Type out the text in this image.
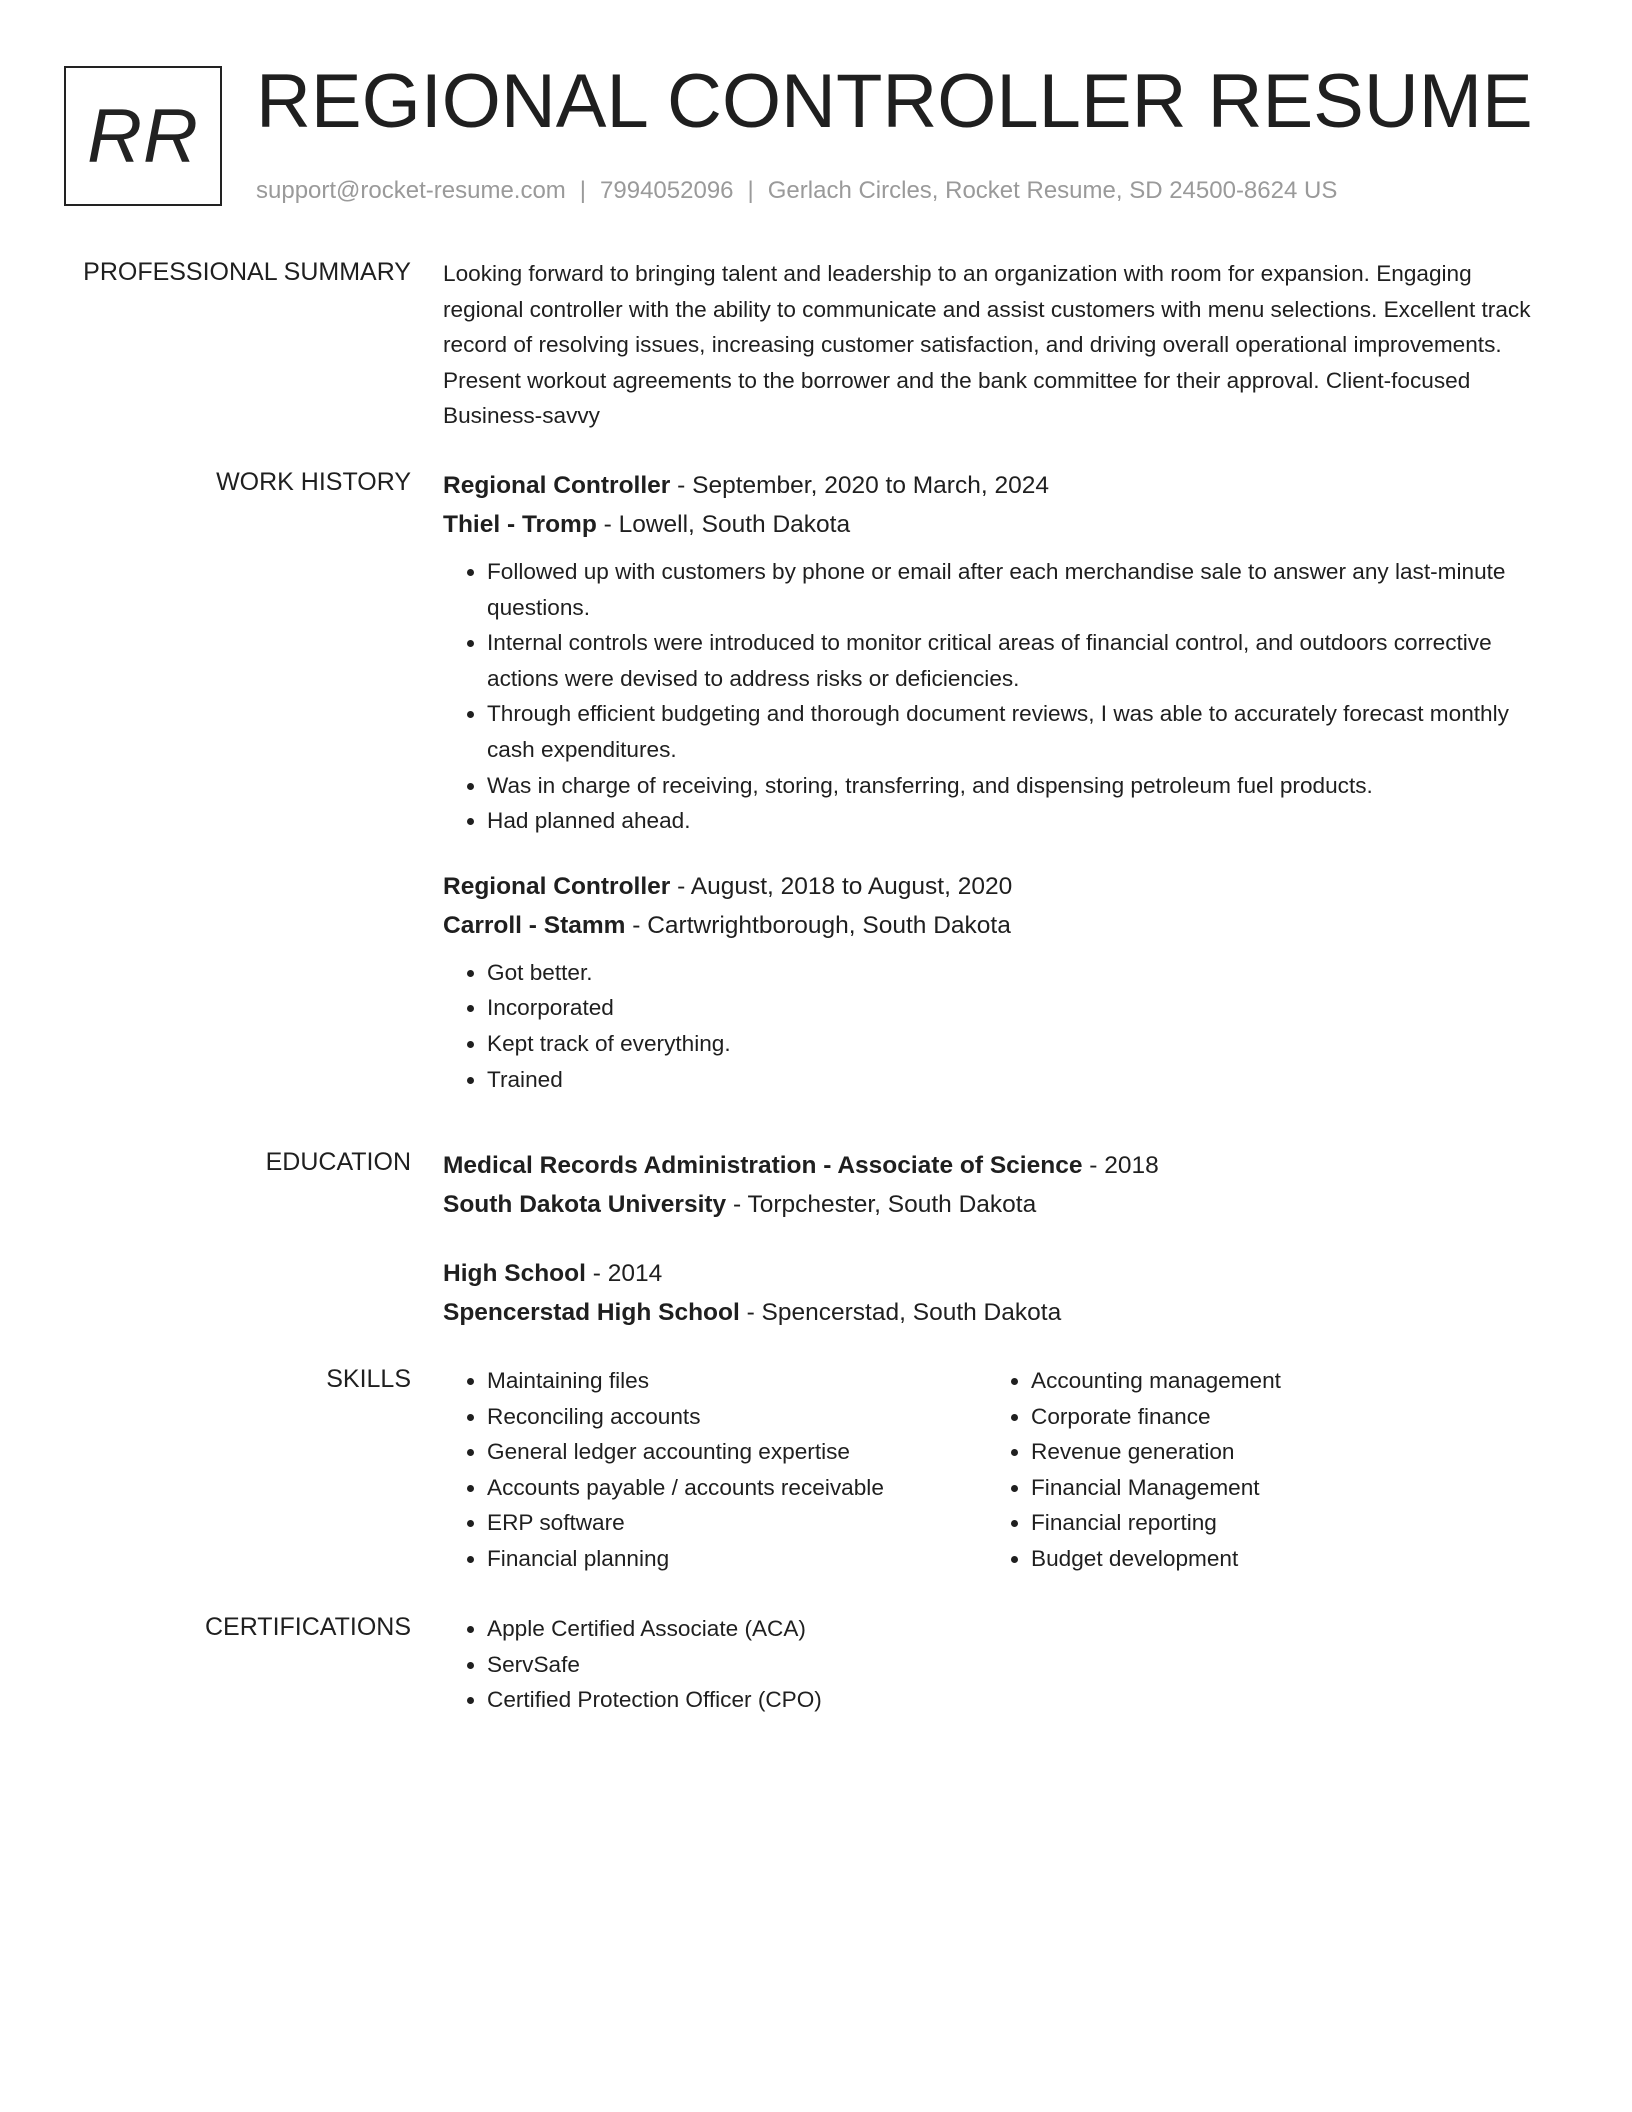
RR REGIONAL CONTROLLER RESUME
support@rocket-resume.com | 7994052096 | Gerlach Circles, Rocket Resume, SD 24500-8624 US
PROFESSIONAL SUMMARY Looking forward to bringing talent and leadership to an organization with room for expansion. Engaging regional controller with the ability to communicate and assist customers with menu selections. Excellent track record of resolving issues, increasing customer satisfaction, and driving overall operational improvements. Present workout agreements to the borrower and the bank committee for their approval. Client-focused Business-savvy

WORK HISTORY Regional Controller - September, 2020 to March, 2024

Thiel - Tromp - Lowell, South Dakota

• Followed up with customers by phone or email after each merchandise sale to answer any last-minute questions.
• Internal controls were introduced to monitor critical areas of financial control, and outdoors corrective actions were devised to address risks or deficiencies.
• Through efficient budgeting and thorough document reviews, I was able to accurately forecast monthly cash expenditures.
• Was in charge of receiving, storing, transferring, and dispensing petroleum fuel products.
• Had planned ahead.

Regional Controller - August, 2018 to August, 2020

Carroll - Stamm - Cartwrightborough, South Dakota

• Got better.
• Incorporated
• Kept track of everything.
• Trained
EDUCATION Medical Records Administration - Associate of Science - 2018

South Dakota University - Torpchester, South Dakota

High School - 2014

Spencerstad High School - Spencerstad, South Dakota

SKILLS	• Maintaining files
• Reconciling accounts
• General ledger accounting expertise
• Accounts payable / accounts receivable
• ERP software
• Financial planning
• Accounting management
• Corporate finance
• Revenue generation
• Financial Management
• Financial reporting
• Budget development
CERTIFICATIONS	• Apple Certified Associate (ACA)
• ServSafe
• Certified Protection Officer (CPO)
